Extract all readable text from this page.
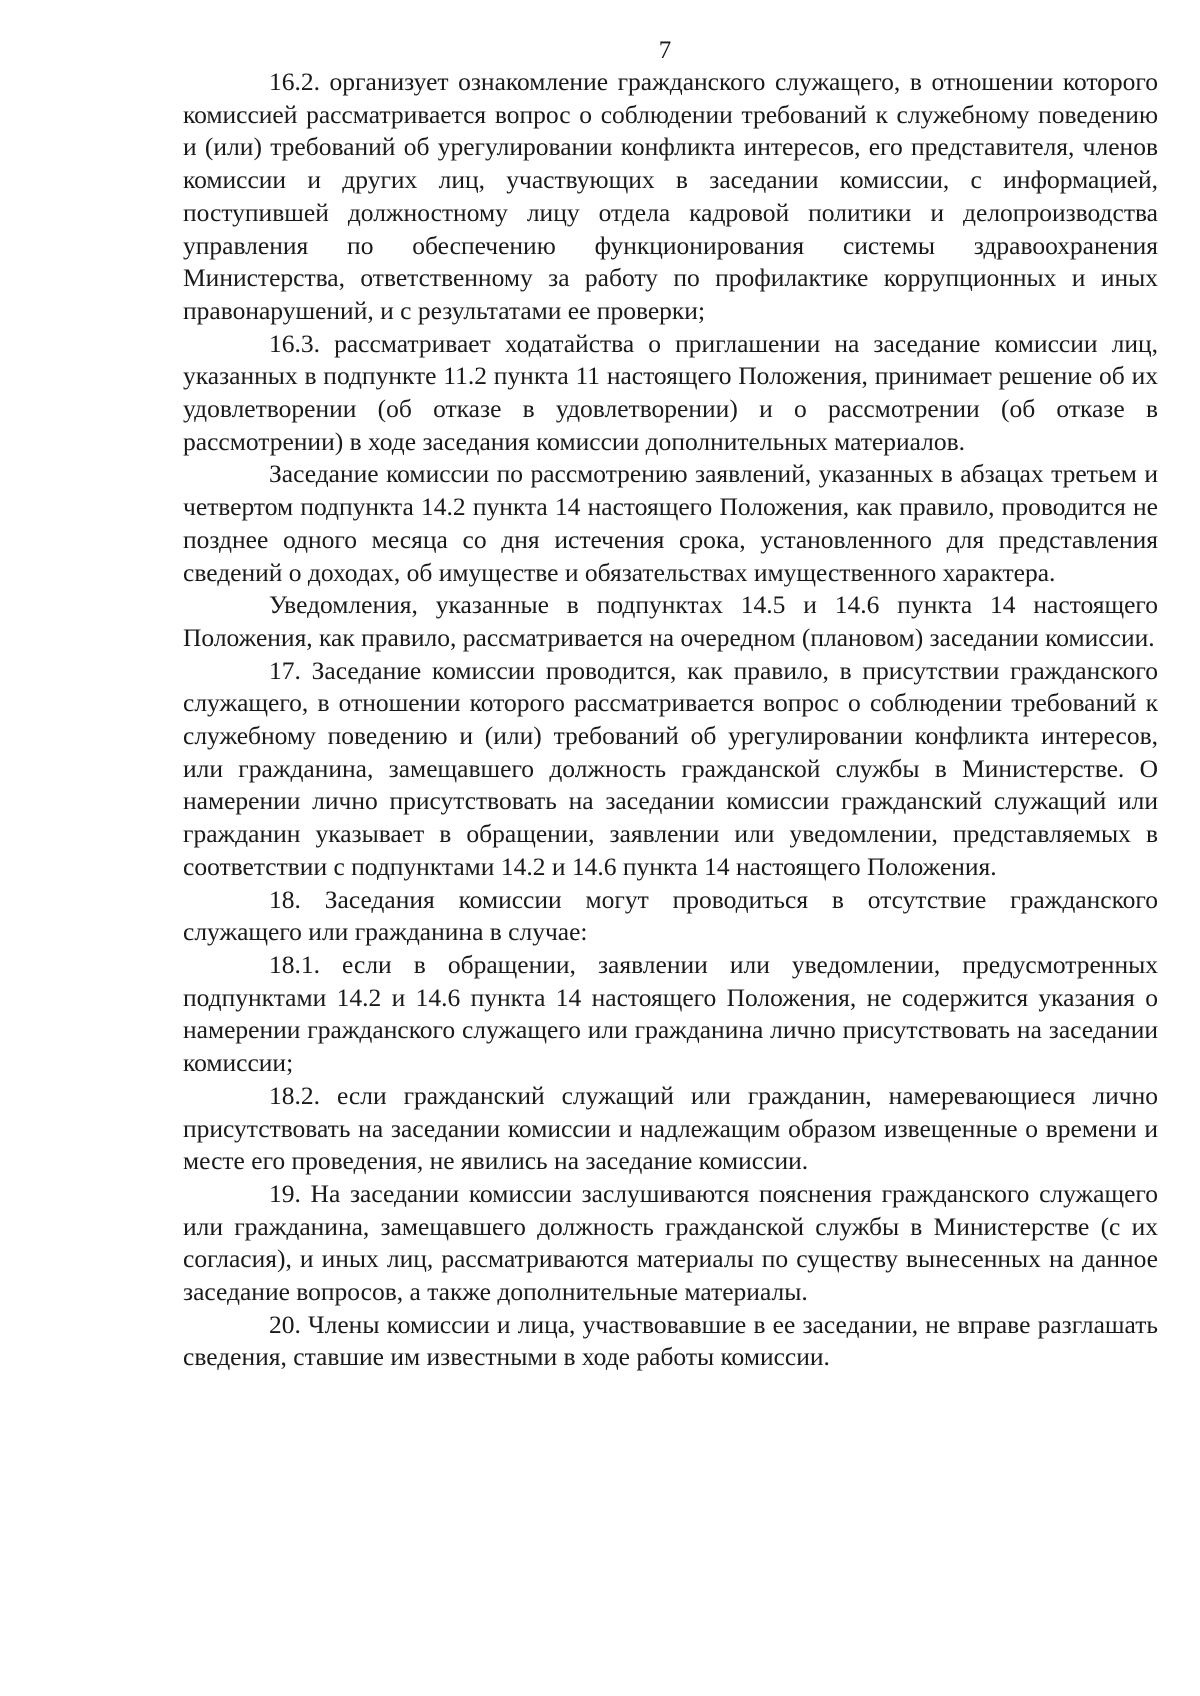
7

16.2. организует ознакомление гражданского служащего, в отношении которого комиссией рассматривается вопрос о соблюдении требований к служебному поведению и (или) требований об урегулировании конфликта интересов, его представителя, членов комиссии и других лиц, участвующих в заседании комиссии, с информацией, поступившей должностному лицу отдела кадровой политики и делопроизводства управления по обеспечению функционирования системы здравоохранения Министерства, ответственному за работу по профилактике коррупционных и иных правонарушений, и с результатами ее проверки;

16.3. рассматривает ходатайства о приглашении на заседание комиссии лиц, указанных в подпункте 11.2 пункта 11 настоящего Положения, принимает решение об их удовлетворении (об отказе в удовлетворении) и о рассмотрении (об отказе в рассмотрении) в ходе заседания комиссии дополнительных материалов.

Заседание комиссии по рассмотрению заявлений, указанных в абзацах третьем и четвертом подпункта 14.2 пункта 14 настоящего Положения, как правило, проводится не позднее одного месяца со дня истечения срока, установленного для представления сведений о доходах, об имуществе и обязательствах имущественного характера.

Уведомления, указанные в подпунктах 14.5 и 14.6 пункта 14 настоящего Положения, как правило, рассматривается на очередном (плановом) заседании комиссии.

17. Заседание комиссии проводится, как правило, в присутствии гражданского служащего, в отношении которого рассматривается вопрос о соблюдении требований к служебному поведению и (или) требований об урегулировании конфликта интересов, или гражданина, замещавшего должность гражданской службы в Министерстве. О намерении лично присутствовать на заседании комиссии гражданский служащий или гражданин указывает в обращении, заявлении или уведомлении, представляемых в соответствии с подпунктами 14.2 и 14.6 пункта 14 настоящего Положения.

18. Заседания комиссии могут проводиться в отсутствие гражданского служащего или гражданина в случае:

18.1. если в обращении, заявлении или уведомлении, предусмотренных подпунктами 14.2 и 14.6 пункта 14 настоящего Положения, не содержится указания о намерении гражданского служащего или гражданина лично присутствовать на заседании комиссии;

18.2. если гражданский служащий или гражданин, намеревающиеся лично присутствовать на заседании комиссии и надлежащим образом извещенные о времени и месте его проведения, не явились на заседание комиссии.

19. На заседании комиссии заслушиваются пояснения гражданского служащего или гражданина, замещавшего должность гражданской службы в Министерстве (с их согласия), и иных лиц, рассматриваются материалы по существу вынесенных на данное заседание вопросов, а также дополнительные материалы.

20. Члены комиссии и лица, участвовавшие в ее заседании, не вправе разглашать сведения, ставшие им известными в ходе работы комиссии.
